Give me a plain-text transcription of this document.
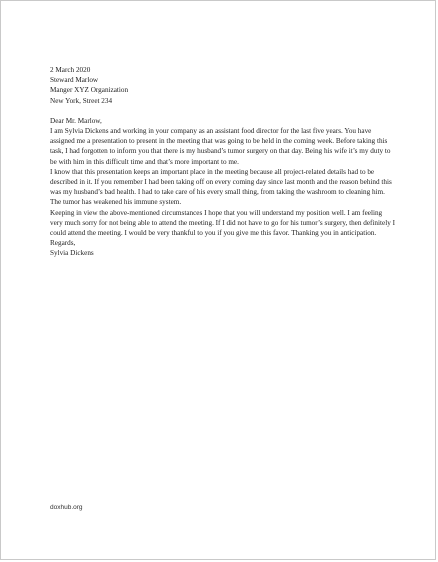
2 March 2020

Steward Marlow
Manger XYZ Organization
New York, Street 234

Dear Mr. Marlow,

I am Sylvia Dickens and working in your company as an assistant food director for the last five years. You have assigned me a presentation to present in the meeting that was going to be held in the coming week. Before taking this task, I had forgotten to inform you that there is my husband’s tumor surgery on that day. Being his wife it’s my duty to be with him in this difficult time and that’s more important to me.

I know that this presentation keeps an important place in the meeting because all project-related details had to be described in it. If you remember I had been taking off on every coming day since last month and the reason behind this was my husband’s bad health. I had to take care of his every small thing, from taking the washroom to cleaning him. The tumor has weakened his immune system.

Keeping in view the above-mentioned circumstances I hope that you will understand my position well. I am feeling very much sorry for not being able to attend the meeting. If I did not have to go for his tumor’s surgery, then definitely I could attend the meeting. I would be very thankful to you if you give me this favor. Thanking you in anticipation.

Regards,

Sylvia Dickens

doxhub.org
